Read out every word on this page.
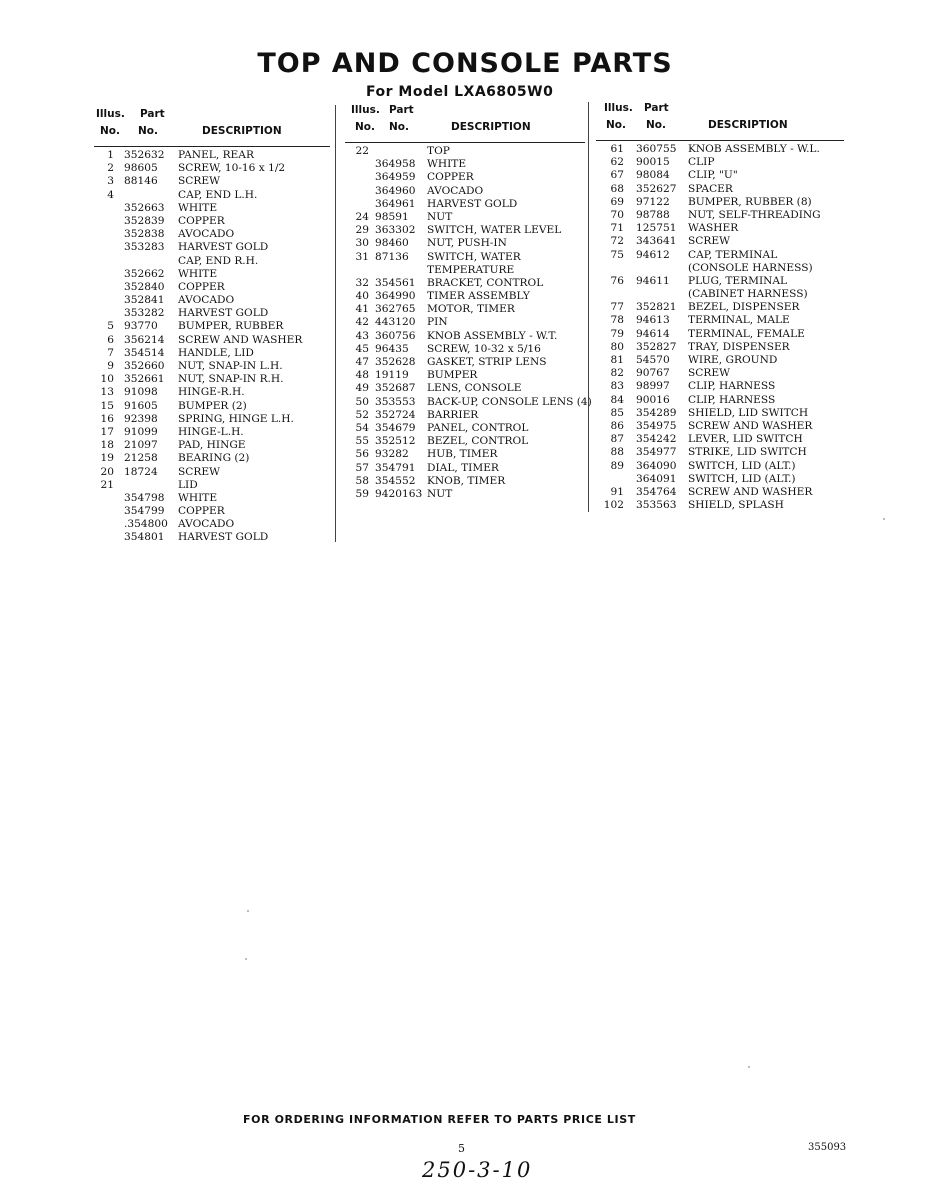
TOP AND CONSOLE PARTS
For Model LXA6805W0
Illus. Part
No. No.	DESCRIPTION
1 352632 PANEL, REAR
2 98605 SCREW, 10-16 x 1/2
3 88146 SCREW
4	CAP, END L.H.
352663 WHITE
352839 COPPER
352838 AVOCADO
353283 HARVEST GOLD
CAP, END R.H.
352662 WHITE
352840 COPPER
352841 AVOCADO
353282 HARVEST GOLD
5 93770 BUMPER, RUBBER
6 356214 SCREW AND WASHER
7 354514 HANDLE, LID
9 352660 NUT, SNAP-IN L.H.
10 352661 NUT, SNAP-IN R.H.
13 91098 HINGE-R.H.
15 91605 BUMPER (2)
16 92398 SPRING, HINGE L.H.
17 91099 HINGE-L.H.
18 21097 PAD, HINGE
19 21258 BEARING (2)
20 18724 SCREW
21	LID
354798 WHITE
354799 COPPER
.354800 AVOCADO
354801 HARVEST GOLD
Illus. Part
No. No.	DESCRIPTION
22	TOP
364958 WHITE
364959 COPPER
364960 AVOCADO
364961 HARVEST GOLD
24 98591 NUT
29 363302 SWITCH, WATER LEVEL
30 98460 NUT, PUSH-IN
31 87136 SWITCH, WATER
TEMPERATURE
32 354561 BRACKET, CONTROL
40 364990 TIMER ASSEMBLY
41 362765 MOTOR, TIMER
42 443120 PIN
43 360756 KNOB ASSEMBLY - W.T.
45 96435 SCREW, 10-32 x 5/16
47 352628 GASKET, STRIP LENS
48 19119 BUMPER
49 352687 LENS, CONSOLE
50 353553 BACK-UP, CONSOLE LENS (4)
52 352724 BARRIER
54 354679 PANEL, CONTROL
55 352512 BEZEL, CONTROL
56 93282 HUB, TIMER
57 354791 DIAL, TIMER
58 354552 KNOB, TIMER
59 9420163 NUT
Illus. Part
No. No.	DESCRIPTION
61 360755 KNOB ASSEMBLY - W.L.
62 90015 CLIP
67 98084 CLIP, "U"
68 352627 SPACER
69 97122 BUMPER, RUBBER (8)
70 98788 NUT, SELF-THREADING
71 125751 WASHER
72 343641 SCREW
75 94612 CAP, TERMINAL
(CONSOLE HARNESS)
76 94611 PLUG, TERMINAL
(CABINET HARNESS)
77 352821 BEZEL, DISPENSER
78 94613 TERMINAL, MALE
79 94614 TERMINAL, FEMALE
80 352827 TRAY, DISPENSER
81 54570 WIRE, GROUND
82 90767 SCREW
83 98997 CLIP, HARNESS
84 90016 CLIP, HARNESS
85 354289 SHIELD, LID SWITCH
86 354975 SCREW AND WASHER
87 354242 LEVER, LID SWITCH
88 354977 STRIKE, LID SWITCH
89 364090 SWITCH, LID (ALT.)
364091 SWITCH, LID (ALT.)
91 354764 SCREW AND WASHER
102 353563 SHIELD, SPLASH
FOR ORDERING INFORMATION REFER TO PARTS PRICE LIST
5	355093
250-3-10
